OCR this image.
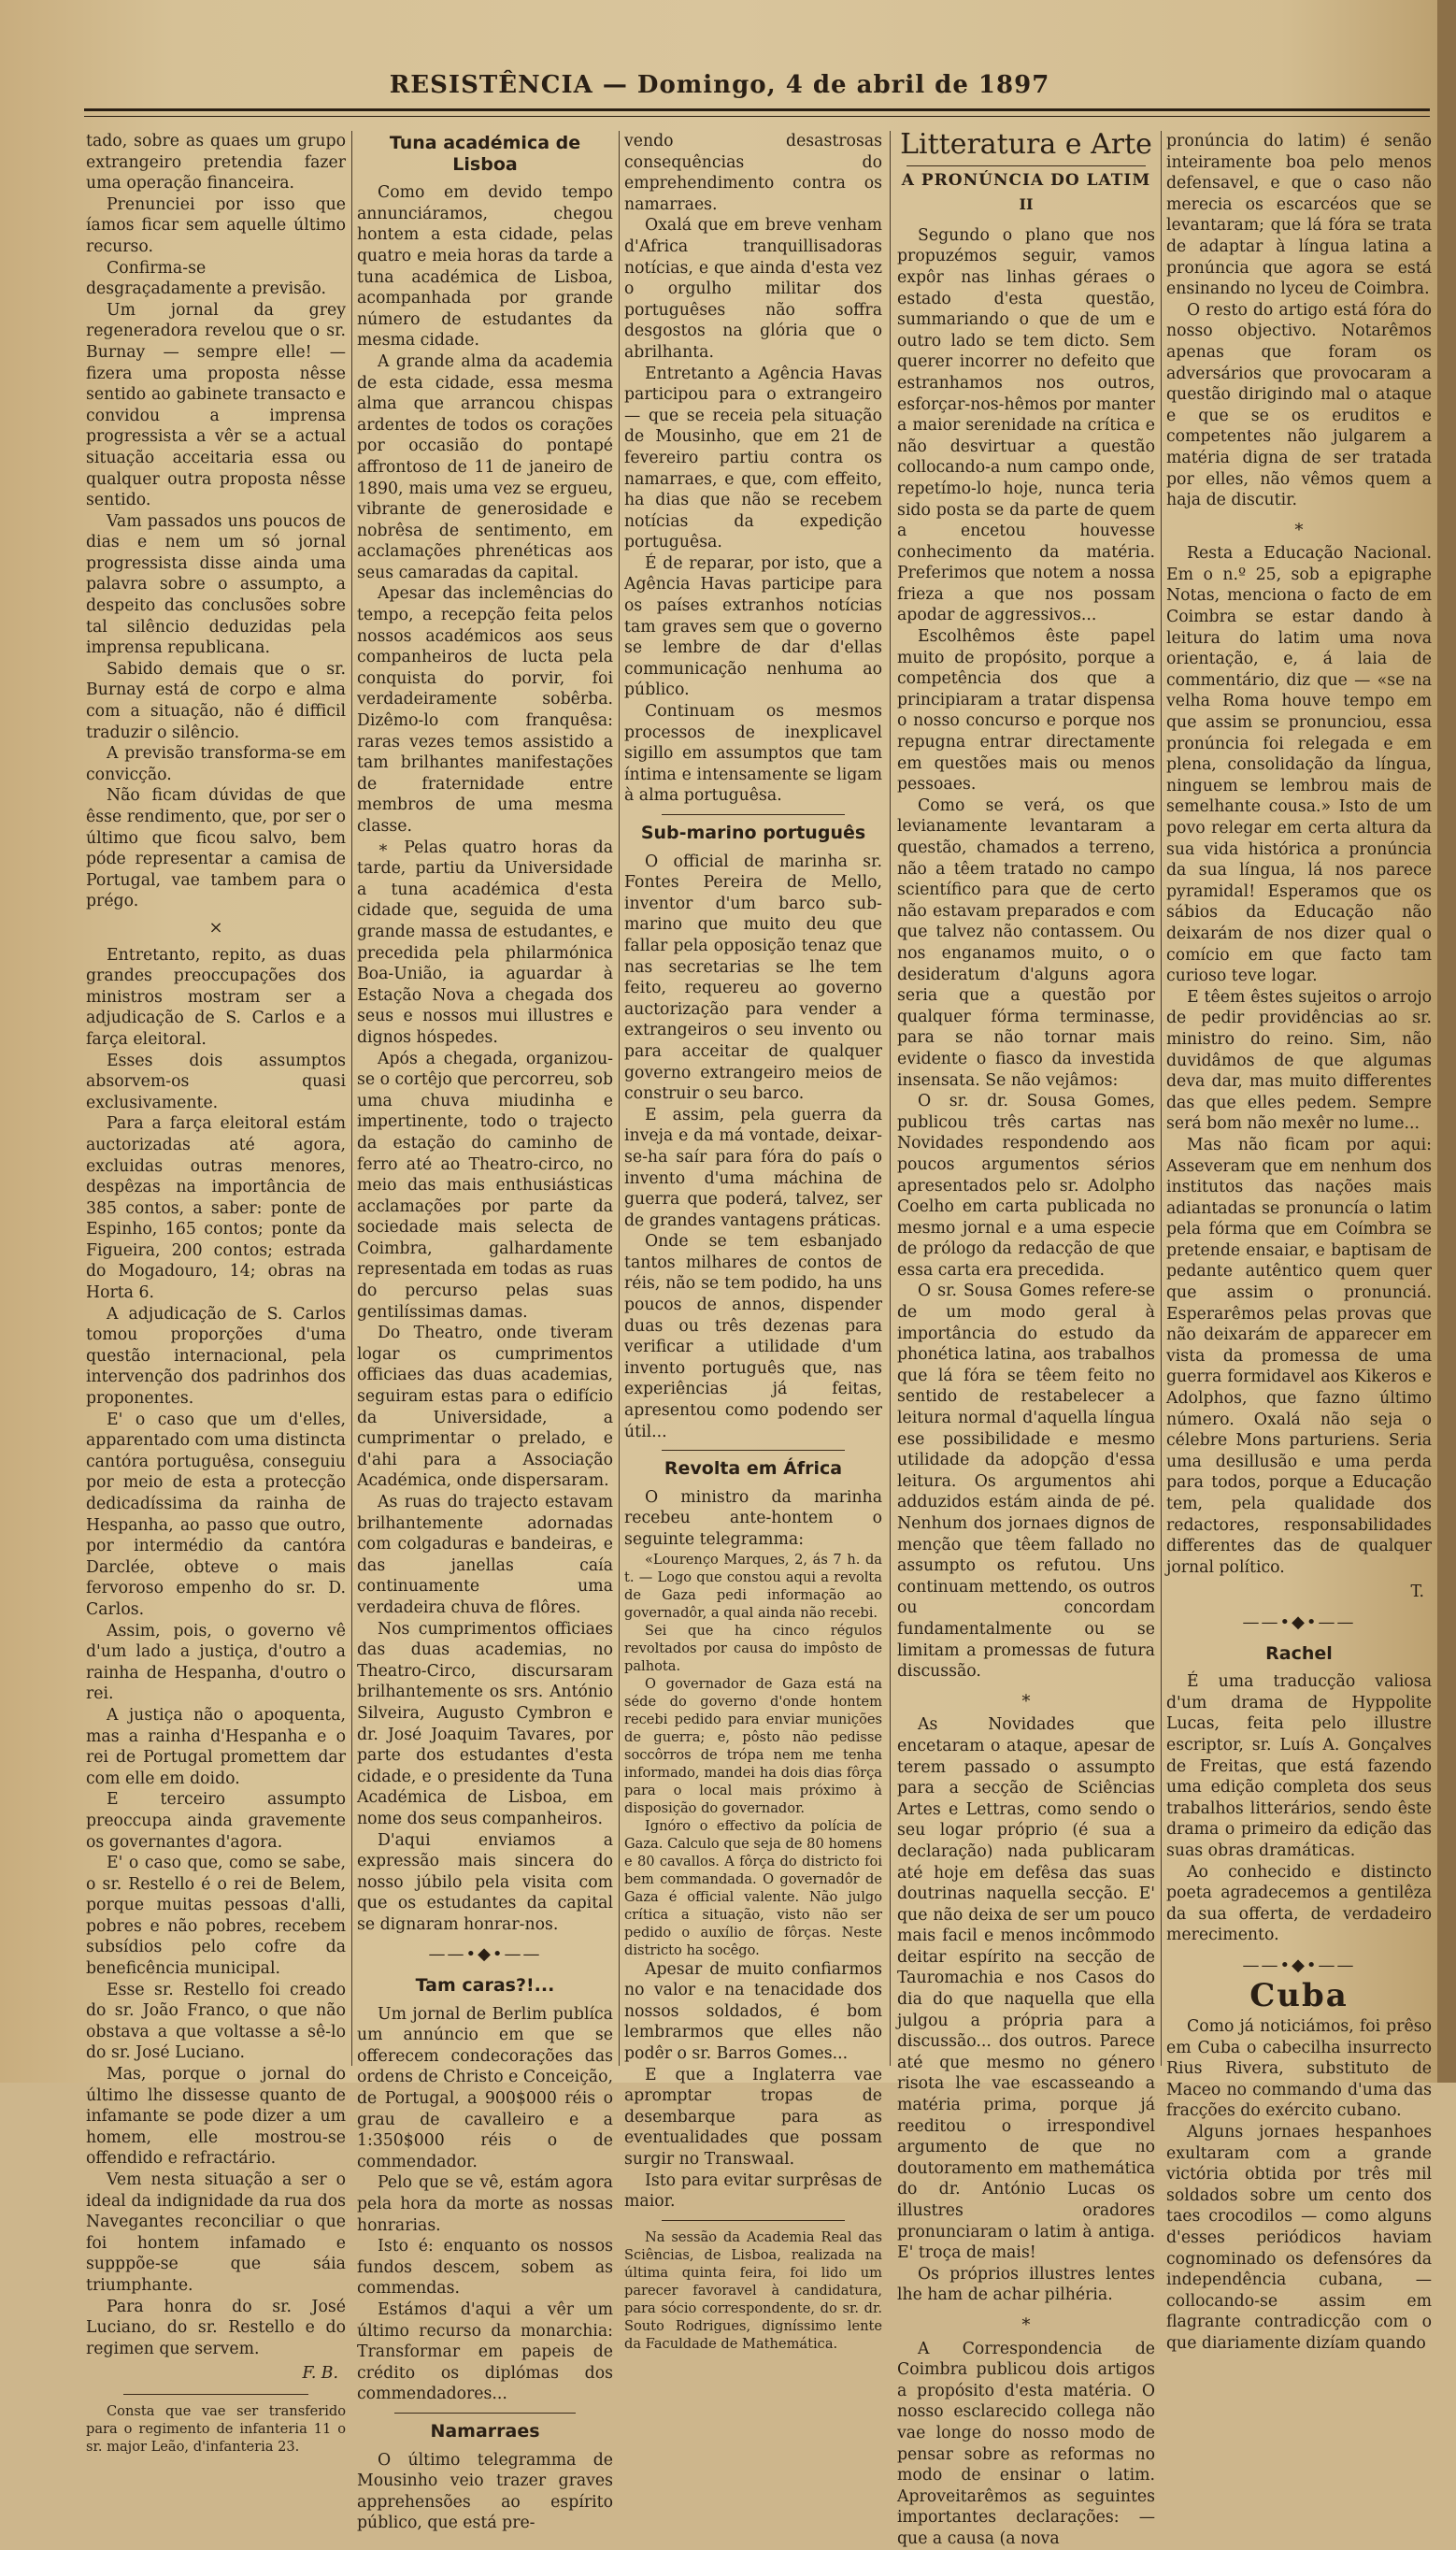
RESISTÊNCIA — Domingo, 4 de abril de 1897

tado, sobre as quaes um grupo extrangeiro pretendia fazer uma operação financeira.

Prenunciei por isso que íamos ficar sem aquelle último recurso.

Confirma-se desgraçadamente a previsão.

Um jornal da grey regeneradora revelou que o sr. Burnay — sempre elle! — fizera uma proposta nêsse sentido ao gabinete transacto e convidou a imprensa progressista a vêr se a actual situação acceitaria essa ou qualquer outra proposta nêsse sentido.

Vam passados uns poucos de dias e nem um só jornal progressista disse ainda uma palavra sobre o assumpto, a despeito das conclusões sobre tal silêncio deduzidas pela imprensa republicana.

Sabido demais que o sr. Burnay está de corpo e alma com a situação, não é difficil traduzir o silêncio.

A previsão transforma-se em convicção.

Não ficam dúvidas de que êsse rendimento, que, por ser o último que ficou salvo, bem póde representar a camisa de Portugal, vae tambem para o prégo.

×

Entretanto, repito, as duas grandes preoccupações dos ministros mostram ser a adjudicação de S. Carlos e a farça eleitoral.

Esses dois assumptos absorvem-os quasi exclusivamente.

Para a farça eleitoral estám auctorizadas até agora, excluidas outras menores, despêzas na importância de 385 contos, a saber: ponte de Espinho, 165 contos; ponte da Figueira, 200 contos; estrada do Mogadouro, 14; obras na Horta 6.

A adjudicação de S. Carlos tomou proporções d'uma questão internacional, pela intervenção dos padrinhos dos proponentes.

E' o caso que um d'elles, apparentado com uma distincta cantóra portuguêsa, conseguiu por meio de esta a protecção dedicadíssima da rainha de Hespanha, ao passo que outro, por intermédio da cantóra Darclée, obteve o mais fervoroso empenho do sr. D. Carlos.

Assim, pois, o governo vê d'um lado a justiça, d'outro a rainha de Hespanha, d'outro o rei.

A justiça não o apoquenta, mas a rainha d'Hespanha e o rei de Portugal promettem dar com elle em doido.

E terceiro assumpto preoccupa ainda gravemente os governantes d'agora.

E' o caso que, como se sabe, o sr. Restello é o rei de Belem, porque muitas pessoas d'alli, pobres e não pobres, recebem subsídios pelo cofre da beneficência municipal.

Esse sr. Restello foi creado do sr. João Franco, o que não obstava a que voltasse a sê-lo do sr. José Luciano.

Mas, porque o jornal do último lhe dissesse quanto de infamante se pode dizer a um homem, elle mostrou-se offendido e refractário.

Vem nesta situação a ser o ideal da indignidade da rua dos Navegantes reconciliar o que foi hontem infamado e supppõe-se que sáia triumphante.

Para honra do sr. José Luciano, do sr. Restello e do regimen que servem.

F. B.

Consta que vae ser transferido para o regimento de infanteria 11 o sr. major Leão, d'infanteria 23.

Tuna académica de Lisboa

Como em devido tempo annunciáramos, chegou hontem a esta cidade, pelas quatro e meia horas da tarde a tuna académica de Lisboa, acompanhada por grande número de estudantes da mesma cidade.

A grande alma da academia de esta cidade, essa mesma alma que arrancou chispas ardentes de todos os corações por occasião do pontapé affrontoso de 11 de janeiro de 1890, mais uma vez se ergueu, vibrante de generosidade e nobrêsa de sentimento, em acclamações phrenéticas aos seus camaradas da capital.

Apesar das inclemências do tempo, a recepção feita pelos nossos académicos aos seus companheiros de lucta pela conquista do porvir, foi verdadeiramente sobêrba. Dizêmo-lo com franquêsa: raras vezes temos assistido a tam brilhantes manifestações de fraternidade entre membros de uma mesma classe.

∗ Pelas quatro horas da tarde, partiu da Universidade a tuna académica d'esta cidade que, seguida de uma grande massa de estudantes, e precedida pela philarmónica Boa-União, ia aguardar à Estação Nova a chegada dos seus e nossos mui illustres e dignos hóspedes.

Após a chegada, organizou-se o cortêjo que percorreu, sob uma chuva miudinha e impertinente, todo o trajecto da estação do caminho de ferro até ao Theatro-circo, no meio das mais enthusiásticas acclamações por parte da sociedade mais selecta de Coimbra, galhardamente representada em todas as ruas do percurso pelas suas gentilíssimas damas.

Do Theatro, onde tiveram logar os cumprimentos officiaes das duas academias, seguiram estas para o edifício da Universidade, a cumprimentar o prelado, e d'ahi para a Associação Académica, onde dispersaram.

As ruas do trajecto estavam brilhantemente adornadas com colgaduras e bandeiras, e das janellas caía continuamente uma verdadeira chuva de flôres.

Nos cumprimentos officiaes das duas academias, no Theatro-Circo, discursaram brilhantemente os srs. António Silveira, Augusto Cymbron e dr. José Joaquim Tavares, por parte dos estudantes d'esta cidade, e o presidente da Tuna Académica de Lisboa, em nome dos seus companheiros.

D'aqui enviamos a expressão mais sincera do nosso júbilo pela visita com que os estudantes da capital se dignaram honrar-nos.

——•◆•——
Tam caras?!...

Um jornal de Berlim publíca um annúncio em que se offerecem condecorações das ordens de Christo e Conceição, de Portugal, a 900$000 réis o grau de cavalleiro e a 1:350$000 réis o de commendador.

Pelo que se vê, estám agora pela hora da morte as nossas honrarias.

Isto é: enquanto os nossos fundos descem, sobem as commendas.

Estámos d'aqui a vêr um último recurso da monarchia: Transformar em papeis de crédito os diplómas dos commendadores...

Namarraes

O último telegramma de Mousinho veio trazer graves apprehensões ao espírito público, que está pre-

vendo desastrosas consequências do emprehendimento contra os namarraes.

Oxalá que em breve venham d'Africa tranquillisadoras notícias, e que ainda d'esta vez o orgulho militar dos portuguêses não soffra desgostos na glória que o abrilhanta.

Entretanto a Agência Havas participou para o extrangeiro — que se receia pela situação de Mousinho, que em 21 de fevereiro partiu contra os namarraes, e que, com effeito, ha dias que não se recebem notícias da expedição portuguêsa.

É de reparar, por isto, que a Agência Havas participe para os países extranhos notícias tam graves sem que o governo se lembre de dar d'ellas communicação nenhuma ao público.

Continuam os mesmos processos de inexplicavel sigillo em assumptos que tam íntima e intensamente se ligam à alma portuguêsa.

Sub-marino português

O official de marinha sr. Fontes Pereira de Mello, inventor d'um barco sub-marino que muito deu que fallar pela opposição tenaz que nas secretarias se lhe tem feito, requereu ao governo auctorização para vender a extrangeiros o seu invento ou para acceitar de qualquer governo extrangeiro meios de construir o seu barco.

E assim, pela guerra da inveja e da má vontade, deixar-se-ha saír para fóra do país o invento d'uma máchina de guerra que poderá, talvez, ser de grandes vantagens práticas.

Onde se tem esbanjado tantos milhares de contos de réis, não se tem podido, ha uns poucos de annos, dispender duas ou três dezenas para verificar a utilidade d'um invento português que, nas experiências já feitas, apresentou como podendo ser útil...

Revolta em África

O ministro da marinha recebeu ante-hontem o seguinte telegramma:

«Lourenço Marques, 2, ás 7 h. da t. — Logo que constou aqui a revolta de Gaza pedi informação ao governadôr, a qual ainda não recebi.

Sei que ha cinco régulos revoltados por causa do impôsto de palhota.

O governador de Gaza está na séde do governo d'onde hontem recebi pedido para enviar munições de guerra; e, pôsto não pedisse soccôrros de trópa nem me tenha informado, mandei ha dois dias fôrça para o local mais próximo à disposição do governador.

Ignóro o effectivo da polícia de Gaza. Calculo que seja de 80 homens e 80 cavallos. A fôrça do districto foi bem commandada. O governadôr de Gaza é official valente. Não julgo crítica a situação, visto não ser pedido o auxílio de fôrças. Neste districto ha socêgo.

Apesar de muito confiarmos no valor e na tenacidade dos nossos soldados, é bom lembrarmos que elles não podêr o sr. Barros Gomes...

E que a Inglaterra vae apromptar tropas de desembarque para as eventualidades que possam surgir no Transwaal.

Isto para evitar surprêsas de maior.

Na sessão da Academia Real das Sciências, de Lisboa, realizada na última quinta feira, foi lido um parecer favoravel à candidatura, para sócio correspondente, do sr. dr. Souto Rodrigues, digníssimo lente da Faculdade de Mathemática.

Litteratura e Arte
A PRONÚNCIA DO LATIM
II

Segundo o plano que nos propuzémos seguir, vamos expôr nas linhas géraes o estado d'esta questão, summariando o que de um e outro lado se tem dicto. Sem querer incorrer no defeito que estranhamos nos outros, esforçar-nos-hêmos por manter a maior serenidade na crítica e não desvirtuar a questão collocando-a num campo onde, repetímo-lo hoje, nunca teria sido posta se da parte de quem a encetou houvesse conhecimento da matéria. Preferimos que notem a nossa frieza a que nos possam apodar de aggressivos...

Escolhêmos êste papel muito de propósito, porque a competência dos que a principiaram a tratar dispensa o nosso concurso e porque nos repugna entrar directamente em questões mais ou menos pessoaes.

Como se verá, os que levianamente levantaram a questão, chamados a terreno, não a têem tratado no campo scientífico para que de certo não estavam preparados e com que talvez não contassem. Ou nos enganamos muito, o o desideratum d'alguns agora seria que a questão por qualquer fórma terminasse, para se não tornar mais evidente o fiasco da investida insensata. Se não vejâmos:

O sr. dr. Sousa Gomes, publicou três cartas nas Novidades respondendo aos poucos argumentos sérios apresentados pelo sr. Adolpho Coelho em carta publicada no mesmo jornal e a uma especie de prólogo da redacção de que essa carta era precedida.

O sr. Sousa Gomes refere-se de um modo geral à importância do estudo da phonética latina, aos trabalhos que lá fóra se têem feito no sentido de restabelecer a leitura normal d'aquella língua ese possibilidade e mesmo utilidade da adopção d'essa leitura. Os argumentos ahi adduzidos estám ainda de pé. Nenhum dos jornaes dignos de menção que têem fallado no assumpto os refutou. Uns continuam mettendo, os outros ou concordam fundamentalmente ou se limitam a promessas de futura discussão.

∗

As Novidades que encetaram o ataque, apesar de terem passado o assumpto para a secção de Sciências Artes e Lettras, como sendo o seu logar próprio (é sua a declaração) nada publicaram até hoje em defêsa das suas doutrinas naquella secção. E' que não deixa de ser um pouco mais facil e menos incômmodo deitar espírito na secção de Tauromachia e nos Casos do dia do que naquella que ella julgou a própria para a discussão... dos outros. Parece até que mesmo no género risota lhe vae escasseando a matéria prima, porque já reeditou o irrespondivel argumento de que no doutoramento em mathemática do dr. António Lucas os illustres oradores pronunciaram o latim à antiga. E' troça de mais!

Os próprios illustres lentes lhe ham de achar pilhéria.

∗

A Correspondencia de Coimbra publicou dois artigos a propósito d'esta matéria. O nosso esclarecido collega não vae longe do nosso modo de pensar sobre as reformas no modo de ensinar o latim. Aproveitarêmos as seguintes importantes declarações: — que a causa (a nova

pronúncia do latim) é senão inteiramente boa pelo menos defensavel, e que o caso não merecia os escarcéos que se levantaram; que lá fóra se trata de adaptar à língua latina a pronúncia que agora se está ensinando no lyceu de Coimbra.

O resto do artigo está fóra do nosso objectivo. Notarêmos apenas que foram os adversários que provocaram a questão dirigindo mal o ataque e que se os eruditos e competentes não julgarem a matéria digna de ser tratada por elles, não vêmos quem a haja de discutir.

∗

Resta a Educação Nacional. Em o n.º 25, sob a epigraphe Notas, menciona o facto de em Coimbra se estar dando à leitura do latim uma nova orientação, e, á laia de commentário, diz que — «se na velha Roma houve tempo em que assim se pronunciou, essa pronúncia foi relegada e em plena, consolidação da língua, ninguem se lembrou mais de semelhante cousa.» Isto de um povo relegar em certa altura da sua vida histórica a pronúncia da sua língua, lá nos parece pyramidal! Esperamos que os sábios da Educação não deixarám de nos dizer qual o comício em que facto tam curioso teve logar.

E têem êstes sujeitos o arrojo de pedir providências ao sr. ministro do reino. Sim, não duvidâmos de que algumas deva dar, mas muito differentes das que elles pedem. Sempre será bom não mexêr no lume...

Mas não ficam por aqui: Asseveram que em nenhum dos institutos das nações mais adiantadas se pronuncía o latim pela fórma que em Coímbra se pretende ensaiar, e baptisam de pedante autêntico quem quer que assim o pronunciá. Esperarêmos pelas provas que não deixarám de apparecer em vista da promessa de uma guerra formidavel aos Kikeros e Adolphos, que fazno último número. Oxalá não seja o célebre Mons parturiens. Seria uma desillusão e uma perda para todos, porque a Educação tem, pela qualidade dos redactores, responsabilidades differentes das de qualquer jornal político.

T.
——•◆•——
Rachel

É uma traducção valiosa d'um drama de Hyppolite Lucas, feita pelo illustre escriptor, sr. Luís A. Gonçalves de Freitas, que está fazendo uma edição completa dos seus trabalhos litterários, sendo êste drama o primeiro da edição das suas obras dramáticas.

Ao conhecido e distincto poeta agradecemos a gentilêza da sua offerta, de verdadeiro merecimento.

——•◆•——
Cuba

Como já noticiámos, foi prêso em Cuba o cabecilha insurrecto Rius Rivera, substituto de Maceo no commando d'uma das fracções do exército cubano.

Alguns jornaes hespanhoes exultaram com a grande victória obtida por três mil soldados sobre um cento dos taes crocodilos — como alguns d'esses periódicos haviam cognominado os defensóres da independência cubana, — collocando-se assim em flagrante contradicção com o que diariamente dizíam quando
